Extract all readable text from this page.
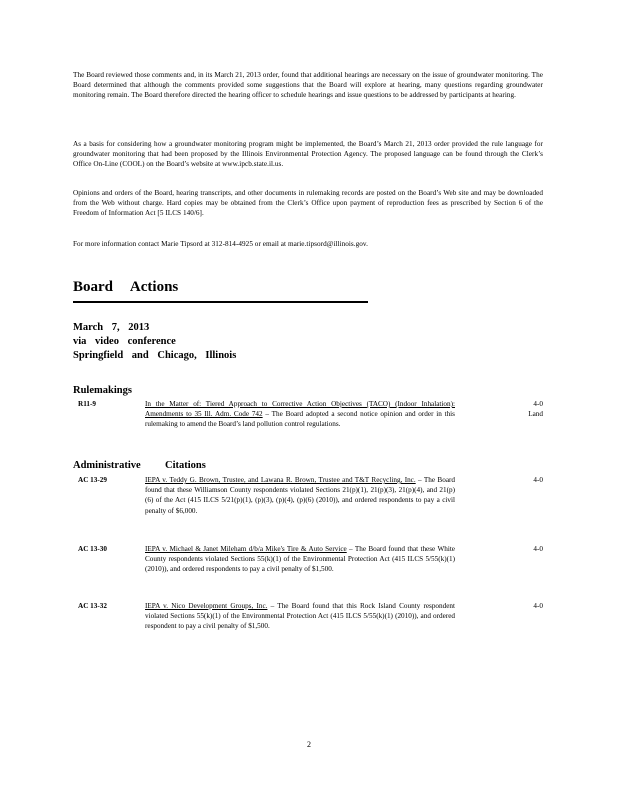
The Board reviewed those comments and, in its March 21, 2013 order, found that additional hearings are necessary on the issue of groundwater monitoring. The Board determined that although the comments provided some suggestions that the Board will explore at hearing, many questions regarding groundwater monitoring remain. The Board therefore directed the hearing officer to schedule hearings and issue questions to be addressed by participants at hearing.

As a basis for considering how a groundwater monitoring program might be implemented, the Board’s March 21, 2013 order provided the rule language for groundwater monitoring that had been proposed by the Illinois Environmental Protection Agency. The proposed language can be found through the Clerk’s Office On-Line (COOL) on the Board’s website at www.ipcb.state.il.us.

Opinions and orders of the Board, hearing transcripts, and other documents in rulemaking records are posted on the Board’s Web site and may be downloaded from the Web without charge. Hard copies may be obtained from the Clerk’s Office upon payment of reproduction fees as prescribed by Section 6 of the Freedom of Information Act [5 ILCS 140/6].

For more information contact Marie Tipsord at 312-814-4925 or email at marie.tipsord@illinois.gov.

Board Actions
March 7, 2013
via video conference
Springfield and Chicago, Illinois
Rulemakings
R11-9	In the Matter of: Tiered Approach to Corrective Action Objectives (TACO) (Indoor Inhalation): Amendments to 35 Ill. Adm. Code 742 – The Board adopted a second notice opinion and order in this rulemaking to amend the Board’s land pollution control regulations.
4-0
Land
Administrative Citations
AC 13-29	IEPA v. Teddy G. Brown, Trustee, and Lawana R. Brown, Trustee and T&T Recycling, Inc. – The Board found that these Williamson County respondents violated Sections 21(p)(1), 21(p)(3), 21(p)(4), and 21(p)(6) of the Act (415 ILCS 5/21(p)(1), (p)(3), (p)(4), (p)(6) (2010)), and ordered respondents to pay a civil penalty of $6,000.
4-0
AC 13-30	IEPA v. Michael & Janet Mileham d/b/a Mike's Tire & Auto Service – The Board found that these White County respondents violated Sections 55(k)(1) of the Environmental Protection Act (415 ILCS 5/55(k)(1) (2010)), and ordered respondents to pay a civil penalty of $1,500.
4-0
AC 13-32	IEPA v. Nico Development Groups, Inc. – The Board found that this Rock Island County respondent violated Sections 55(k)(1) of the Environmental Protection Act (415 ILCS 5/55(k)(1) (2010)), and ordered respondent to pay a civil penalty of $1,500.
4-0
2
